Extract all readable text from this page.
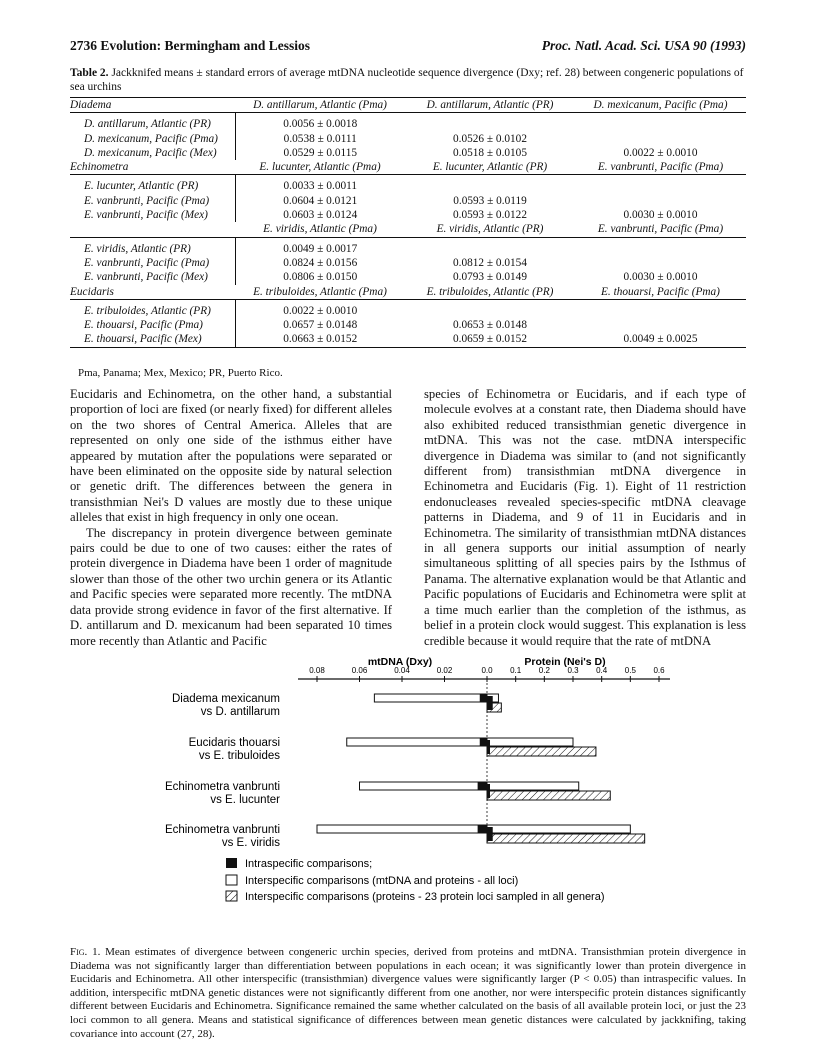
2736 Evolution: Bermingham and Lessios	Proc. Natl. Acad. Sci. USA 90 (1993)
Table 2. Jackknifed means ± standard errors of average mtDNA nucleotide sequence divergence (Dxy; ref. 28) between congeneric populations of sea urchins
Diadema	D. antillarum, Atlantic (Pma)	D. antillarum, Atlantic (PR)	D. mexicanum, Pacific (Pma)

D. antillarum, Atlantic (PR)	0.0056 ± 0.0018		
D. mexicanum, Pacific (Pma)	0.0538 ± 0.0111	0.0526 ± 0.0102	
D. mexicanum, Pacific (Mex)	0.0529 ± 0.0115	0.0518 ± 0.0105	0.0022 ± 0.0010
Echinometra	E. lucunter, Atlantic (Pma)	E. lucunter, Atlantic (PR)	E. vanbrunti, Pacific (Pma)

E. lucunter, Atlantic (PR)	0.0033 ± 0.0011		
E. vanbrunti, Pacific (Pma)	0.0604 ± 0.0121	0.0593 ± 0.0119	
E. vanbrunti, Pacific (Mex)	0.0603 ± 0.0124	0.0593 ± 0.0122	0.0030 ± 0.0010
	E. viridis, Atlantic (Pma)	E. viridis, Atlantic (PR)	E. vanbrunti, Pacific (Pma)

E. viridis, Atlantic (PR)	0.0049 ± 0.0017		
E. vanbrunti, Pacific (Pma)	0.0824 ± 0.0156	0.0812 ± 0.0154	
E. vanbrunti, Pacific (Mex)	0.0806 ± 0.0150	0.0793 ± 0.0149	0.0030 ± 0.0010
Eucidaris	E. tribuloides, Atlantic (Pma)	E. tribuloides, Atlantic (PR)	E. thouarsi, Pacific (Pma)

E. tribuloides, Atlantic (PR)	0.0022 ± 0.0010		
E. thouarsi, Pacific (Pma)	0.0657 ± 0.0148	0.0653 ± 0.0148	
E. thouarsi, Pacific (Mex)	0.0663 ± 0.0152	0.0659 ± 0.0152	0.0049 ± 0.0025
Pma, Panama; Mex, Mexico; PR, Puerto Rico.

Eucidaris and Echinometra, on the other hand, a substantial proportion of loci are fixed (or nearly fixed) for different alleles on the two shores of Central America. Alleles that are represented on only one side of the isthmus either have appeared by mutation after the populations were separated or have been eliminated on the opposite side by natural selection or genetic drift. The differences between the genera in transisthmian Nei's D values are mostly due to these unique alleles that exist in high frequency in only one ocean.

The discrepancy in protein divergence between geminate pairs could be due to one of two causes: either the rates of protein divergence in Diadema have been 1 order of magnitude slower than those of the other two urchin genera or its Atlantic and Pacific species were separated more recently. The mtDNA data provide strong evidence in favor of the first alternative. If D. antillarum and D. mexicanum had been separated 10 times more recently than Atlantic and Pacific

species of Echinometra or Eucidaris, and if each type of molecule evolves at a constant rate, then Diadema should have also exhibited reduced transisthmian genetic divergence in mtDNA. This was not the case. mtDNA interspecific divergence in Diadema was similar to (and not significantly different from) transisthmian mtDNA divergence in Echinometra and Eucidaris (Fig. 1). Eight of 11 restriction endonucleases revealed species-specific mtDNA cleavage patterns in Diadema, and 9 of 11 in Eucidaris and in Echinometra. The similarity of transisthmian mtDNA distances in all genera supports our initial assumption of nearly simultaneous splitting of all species pairs by the Isthmus of Panama. The alternative explanation would be that Atlantic and Pacific populations of Eucidaris and Echinometra were split at a time much earlier than the completion of the isthmus, as belief in a protein clock would suggest. This explanation is less credible because it would require that the rate of mtDNA

mtDNA (Dxy)	Protein (Nei's D)
0.08	0.06	0.04	0.02	0.0 0.1 0.2 0.3 0.4 0.5 0.6
Diadema mexicanum
vs D. antillarum
Eucidaris thouarsi
vs E. tribuloides
Echinometra vanbrunti
vs E. lucunter
Echinometra vanbrunti
vs E. viridis
Intraspecific comparisons;
Interspecific comparisons (mtDNA and proteins - all loci)
Interspecific comparisons (proteins - 23 protein loci sampled in all genera)
Fig. 1. Mean estimates of divergence between congeneric urchin species, derived from proteins and mtDNA. Transisthmian protein divergence in Diadema was not significantly larger than differentiation between populations in each ocean; it was significantly lower than protein divergence in Eucidaris and Echinometra. All other interspecific (transisthmian) divergence values were significantly larger (P < 0.05) than intraspecific values. In addition, interspecific mtDNA genetic distances were not significantly different from one another, nor were interspecific protein distances significantly different between Eucidaris and Echinometra. Significance remained the same whether calculated on the basis of all available protein loci, or just the 23 loci common to all genera. Means and statistical significance of differences between mean genetic distances were calculated by jackknifing, taking covariance into account (27, 28).
